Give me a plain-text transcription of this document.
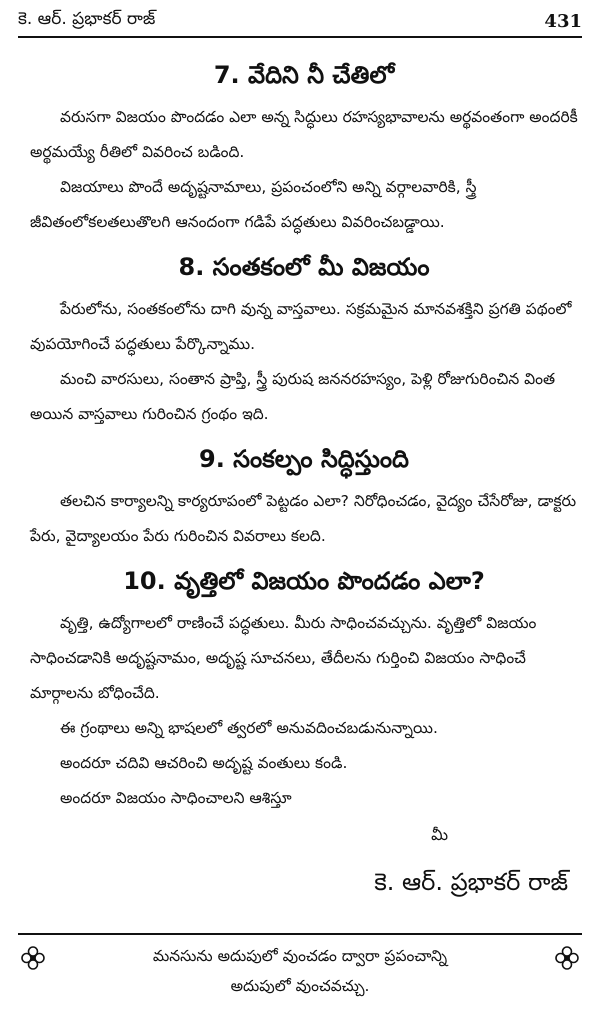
కె. ఆర్. ప్రభాకర్ రాజ్	431
7. వేదిని నీ చేతిలో

వరుసగా విజయం పొందడం ఎలా అన్న సిద్ధులు రహస్యభావాలను అర్థవంతంగా అందరికీ అర్థమయ్యే రీతిలో వివరించ బడింది.

విజయాలు పొందే అదృష్టనామాలు, ప్రపంచంలోని అన్ని వర్గాలవారికి, స్త్రీ జీవితంలోకలతలుతొలగి ఆనందంగా గడిపే పద్ధతులు వివరించబడ్డాయి.

8. సంతకంలో మీ విజయం

పేరులోను, సంతకంలోను దాగి వున్న వాస్తవాలు. సక్రమమైన మానవశక్తిని ప్రగతి పథంలో వుపయోగించే పద్ధతులు పేర్కొన్నాము.

మంచి వారసులు, సంతాన ప్రాప్తి, స్త్రీ పురుష జననరహస్యం, పెళ్లి రోజుగురించిన వింత అయిన వాస్తవాలు గురించిన గ్రంథం ఇది.

9. సంకల్పం సిద్ధిస్తుంది

తలచిన కార్యాలన్ని కార్యరూపంలో పెట్టడం ఎలా? నిరోధించడం, వైద్యం చేసేరోజు, డాక్టరు పేరు, వైద్యాలయం పేరు గురించిన వివరాలు కలది.

10. వృత్తిలో విజయం పొందడం ఎలా?

వృత్తి, ఉద్యోగాలలో రాణించే పద్ధతులు. మీరు సాధించవచ్చును. వృత్తిలో విజయం సాధించడానికి అదృష్టనామం, అదృష్ట సూచనలు, తేదీలను గుర్తించి విజయం సాధించే మార్గాలను బోధించేది.

ఈ గ్రంథాలు అన్ని భాషలలో త్వరలో అనువదించబడునున్నాయి.

అందరూ చదివి ఆచరించి అదృష్ట వంతులు కండి.

అందరూ విజయం సాధించాలని ఆశిస్తూ

మీ
కె. ఆర్. ప్రభాకర్ రాజ్
మనసును అదుపులో వుంచడం ద్వారా ప్రపంచాన్ని
అదుపులో వుంచవచ్చు.
